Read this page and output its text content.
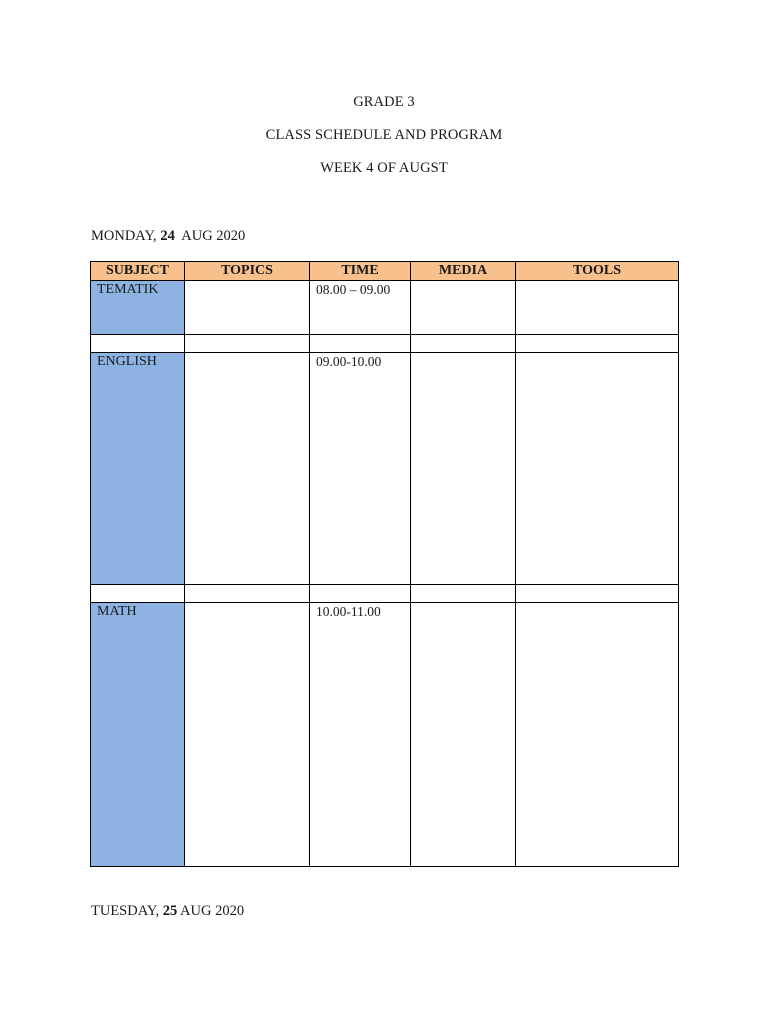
GRADE 3
CLASS SCHEDULE AND PROGRAM
WEEK 4 OF AUGST
MONDAY, 24  AUG 2020
SUBJECT	TOPICS	TIME	MEDIA	TOOLS
TEMATIK		08.00 – 09.00		

ENGLISH		09.00-10.00		

MATH		10.00-11.00		
TUESDAY, 25 AUG 2020
